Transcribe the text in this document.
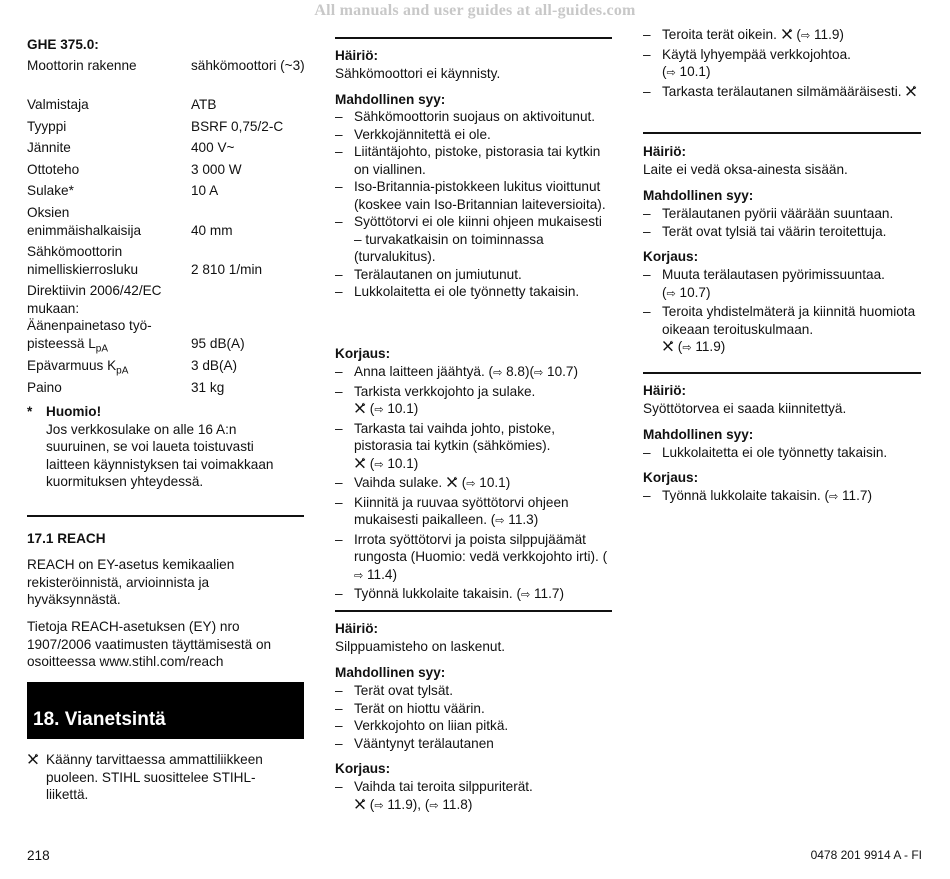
All manuals and user guides at all-guides.com
GHE 375.0:
Moottorin rakenne	sähkömoottori (~3)
Valmistaja	ATB
Tyyppi	BSRF 0,75/2-C
Jännite	400 V~
Ottoteho	3 000 W
Sulake*	10 A
Oksien enimmäishalkaisija	40 mm
Sähkömoottorin nimelliskierrosluku	2 810 1/min
Direktiivin 2006/42/EC mukaan: Äänenpainetaso työ-pisteessä $L_{pA}$	95 dB(A)
Epävarmuus $K_{pA}$	3 dB(A)
Paino	31 kg
* Huomio!
Jos verkkosulake on alle 16 A:n suuruinen, se voi laueta toistuvasti laitteen käynnistyksen tai voimakkaan kuormituksen yhteydessä.
17.1 REACH
REACH on EY-asetus kemikaalien rekisteröinnistä, arvioinnista ja hyväksynnästä.
Tietoja REACH-asetuksen (EY) nro 1907/2006 vaatimusten täyttämisestä on osoitteessa www.stihl.com/reach
18. Vianetsintä
Käänny tarvittaessa ammattiliikkeen puoleen. STIHL suosittelee STIHL-liikettä.
Häiriö:
Sähkömoottori ei käynnisty.
Mahdollinen syy:
– Sähkömoottorin suojaus on aktivoitunut.
– Verkkojännitettä ei ole.
– Liitäntäjohto, pistoke, pistorasia tai kytkin on viallinen.
– Iso-Britannia-pistokkeen lukitus vioittunut (koskee vain Iso-Britannian laiteversioita).
– Syöttötorvi ei ole kiinni ohjeen mukaisesti – turvakatkaisin on toiminnassa (turvalukitus).
– Terälautanen on jumiutunut.
– Lukkolaitetta ei ole työnnetty takaisin.
Korjaus:
– Anna laitteen jäähtyä. (⇨ 8.8)(⇨ 10.7)
– Tarkista verkkojohto ja sulake.
(⇨ 10.1)
– Tarkasta tai vaihda johto, pistoke, pistorasia tai kytkin (sähkömies).
(⇨ 10.1)
– Vaihda sulake.  (⇨ 10.1)
– Kiinnitä ja ruuvaa syöttötorvi ohjeen mukaisesti paikalleen. (⇨ 11.3)
– Irrota syöttötorvi ja poista silppujäämät rungosta (Huomio: vedä verkkojohto irti). (⇨ 11.4)
– Työnnä lukkolaite takaisin. (⇨ 11.7)
Häiriö:
Silppuamisteho on laskenut.
Mahdollinen syy:
– Terät ovat tylsät.
– Terät on hiottu väärin.
– Verkkojohto on liian pitkä.
– Vääntynyt terälautanen
Korjaus:
– Vaihda tai teroita silppuriterät.
(⇨ 11.9), (⇨ 11.8)
– Teroita terät oikein.  (⇨ 11.9)
– Käytä lyhyempää verkkojohtoa.
(⇨ 10.1)
– Tarkasta terälautanen silmämääräisesti.
Häiriö:
Laite ei vedä oksa-ainesta sisään.
Mahdollinen syy:
– Terälautanen pyörii väärään suuntaan.
– Terät ovat tylsiä tai väärin teroitettuja.
Korjaus:
– Muuta terälautasen pyörimissuuntaa.
(⇨ 10.7)
– Teroita yhdistelmäterä ja kiinnitä huomiota oikeaan teroituskulmaan.
(⇨ 11.9)
Häiriö:
Syöttötorvea ei saada kiinnitettyä.
Mahdollinen syy:
– Lukkolaitetta ei ole työnnetty takaisin.
Korjaus:
– Työnnä lukkolaite takaisin. (⇨ 11.7)
218	0478 201 9914 A - FI
